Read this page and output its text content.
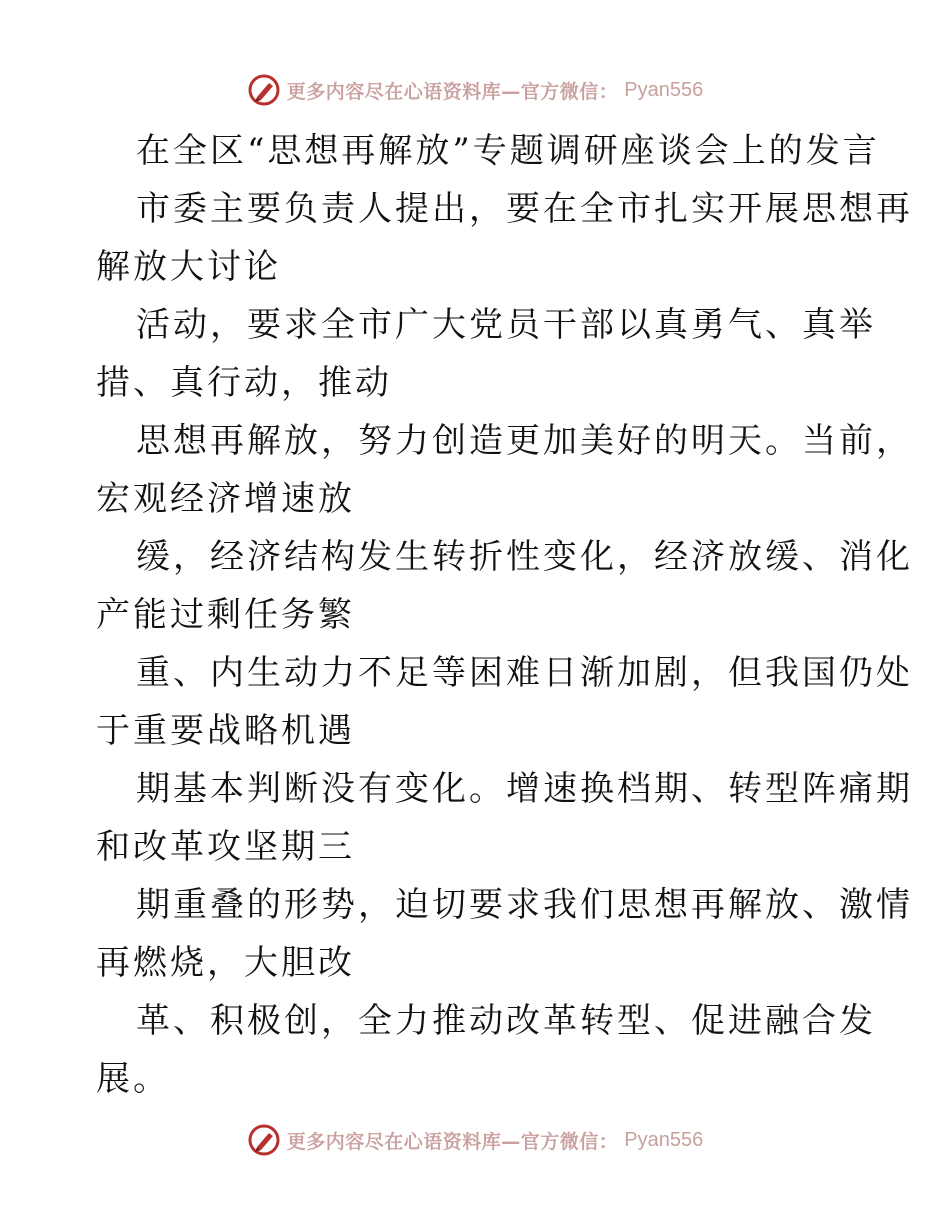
更多内容尽在心语资料库—官方微信： Pyan556
在全区“思想再解放”专题调研座谈会上的发言
市委主要负责人提出，要在全市扎实开展思想再
解放大讨论
活动，要求全市广大党员干部以真勇气、真举
措、真行动，推动
思想再解放，努力创造更加美好的明天。当前，
宏观经济增速放
缓，经济结构发生转折性变化，经济放缓、消化
产能过剩任务繁
重、内生动力不足等困难日渐加剧，但我国仍处
于重要战略机遇
期基本判断没有变化。增速换档期、转型阵痛期
和改革攻坚期三
期重叠的形势，迫切要求我们思想再解放、激情
再燃烧，大胆改
革、积极创，全力推动改革转型、促进融合发
展。
更多内容尽在心语资料库—官方微信： Pyan556
